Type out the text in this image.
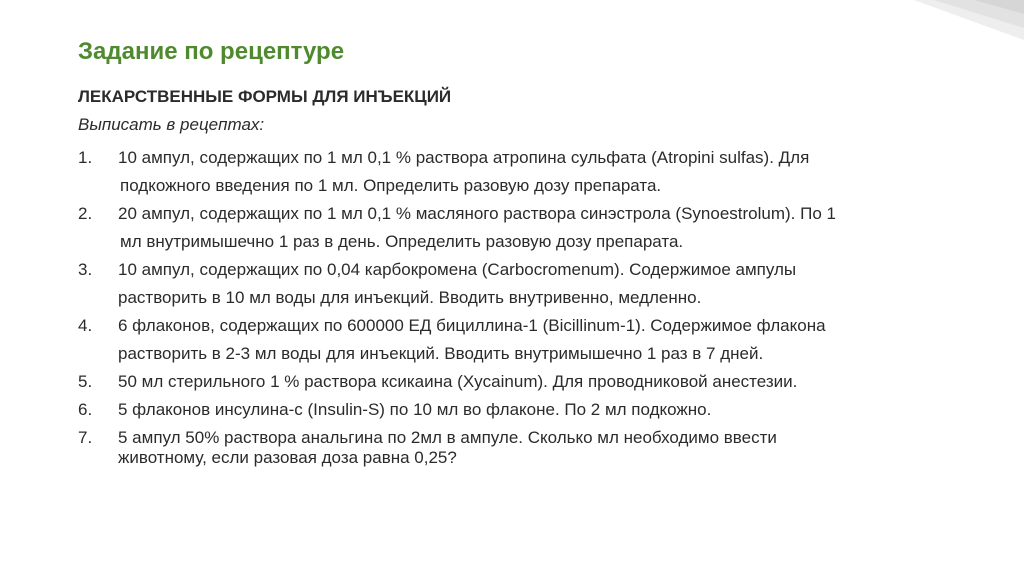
Задание по рецептуре
ЛЕКАРСТВЕННЫЕ ФОРМЫ ДЛЯ ИНЪЕКЦИЙ
Выписать в рецептах:
1. 10 ампул, содержащих по 1 мл 0,1 % раствора атропина сульфата (Atropini sulfas). Для
подкожного введения по 1 мл. Определить разовую дозу препарата.
2. 20 ампул, содержащих по 1 мл 0,1 % масляного раствора синэстрола (Synoestrolum). По 1
мл внутримышечно 1 раз в день. Определить разовую дозу препарата.
3. 10 ампул, содержащих по 0,04 карбокромена (Carbocromenum). Содержимое ампулы
растворить в 10 мл воды для инъекций. Вводить внутривенно, медленно.
4. 6 флаконов, содержащих по 600000 ЕД бициллина-1 (Bicillinum-1). Содержимое флакона
растворить в 2-3 мл воды для инъекций. Вводить внутримышечно 1 раз в 7 дней.
5. 50 мл стерильного 1 % раствора ксикаина (Xycainum). Для проводниковой анестезии.
6. 5 флаконов инсулина-с (Insulin-S) по 10 мл во флаконе. По 2 мл подкожно.
7. 5 ампул 50% раствора анальгина по 2мл в ампуле. Сколько мл необходимо ввести
животному, если разовая доза равна 0,25?
